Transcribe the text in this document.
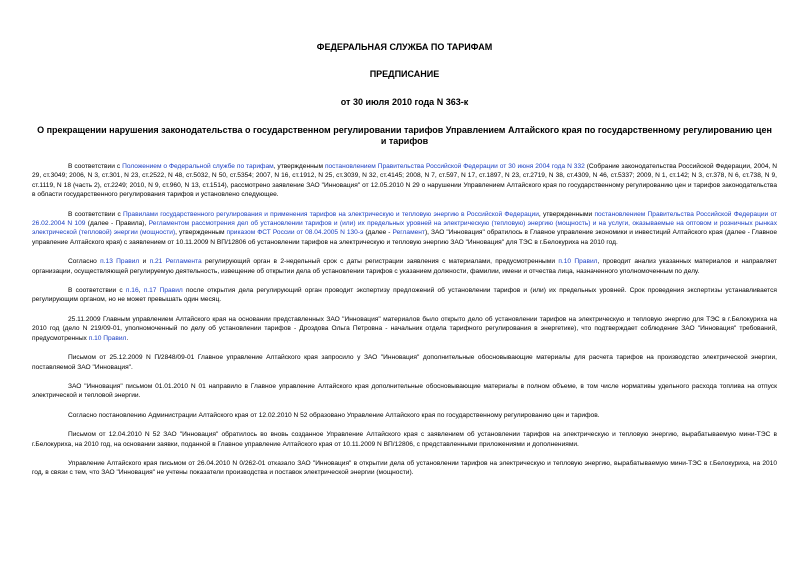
ФЕДЕРАЛЬНАЯ СЛУЖБА ПО ТАРИФАМ
ПРЕДПИСАНИЕ
от 30 июля 2010 года N 363-к
О прекращении нарушения законодательства о государственном регулировании тарифов Управлением Алтайского края по государственному регулированию цен и тарифов
В соответствии с Положением о Федеральной службе по тарифам, утвержденным постановлением Правительства Российской Федерации от 30 июня 2004 года N 332 (Собрание законодательства Российской Федерации, 2004, N 29, ст.3049; 2006, N 3, ст.301, N 23, ст.2522, N 48, ст.5032, N 50, ст.5354; 2007, N 16, ст.1912, N 25, ст.3039, N 32, ст.4145; 2008, N 7, ст.597, N 17, ст.1897, N 23, ст.2719, N 38, ст.4309, N 46, ст.5337; 2009, N 1, ст.142; N 3, ст.378, N 6, ст.738, N 9, ст.1119, N 18 (часть 2), ст.2249; 2010, N 9, ст.960, N 13, ст.1514), рассмотрено заявление ЗАО "Инновация" от 12.05.2010 N 29 о нарушении Управлением Алтайского края по государственному регулированию цен и тарифов законодательства в области государственного регулирования тарифов и установлено следующее.
В соответствии с Правилами государственного регулирования и применения тарифов на электрическую и тепловую энергию в Российской Федерации, утвержденными постановлением Правительства Российской Федерации от 26.02.2004 N 109 (далее - Правила), Регламентом рассмотрения дел об установлении тарифов и (или) их предельных уровней на электрическую (тепловую) энергию (мощность) и на услуги, оказываемые на оптовом и розничных рынках электрической (тепловой) энергии (мощности), утвержденным приказом ФСТ России от 08.04.2005 N 130-э (далее - Регламент), ЗАО "Инновация" обратилось в Главное управление экономики и инвестиций Алтайского края (далее - Главное управление Алтайского края) с заявлением от 10.11.2009 N ВП/12806 об установлении тарифов на электрическую и тепловую энергию ЗАО "Инновация" для ТЭС в г.Белокуриха на 2010 год.
Согласно п.13 Правил и п.21 Регламента регулирующий орган в 2-недельный срок с даты регистрации заявления с материалами, предусмотренными п.10 Правил, проводит анализ указанных материалов и направляет организации, осуществляющей регулируемую деятельность, извещение об открытии дела об установлении тарифов с указанием должности, фамилии, имени и отчества лица, назначенного уполномоченным по делу.
В соответствии с п.16, п.17 Правил после открытия дела регулирующий орган проводит экспертизу предложений об установлении тарифов и (или) их предельных уровней. Срок проведения экспертизы устанавливается регулирующим органом, но не может превышать один месяц.
25.11.2009 Главным управлением Алтайского края на основании представленных ЗАО "Инновация" материалов было открыто дело об установлении тарифов на электрическую и тепловую энергию для ТЭС в г.Белокуриха на 2010 год (дело N 219/09-01, уполномоченный по делу об установлении тарифов - Дроздова Ольга Петровна - начальник отдела тарифного регулирования в энергетике), что подтверждает соблюдение ЗАО "Инновация" требований, предусмотренных п.10 Правил.
Письмом от 25.12.2009 N П/2848/09-01 Главное управление Алтайского края запросило у ЗАО "Инновация" дополнительные обосновывающие материалы для расчета тарифов на производство электрической энергии, поставляемой ЗАО "Инновация".
ЗАО "Инновация" письмом 01.01.2010 N 01 направило в Главное управление Алтайского края дополнительные обосновывающие материалы в полном объеме, в том числе нормативы удельного расхода топлива на отпуск электрической и тепловой энергии.
Согласно постановлению Администрации Алтайского края от 12.02.2010 N 52 образовано Управление Алтайского края по государственному регулированию цен и тарифов.
Письмом от 12.04.2010 N 52 ЗАО "Инновация" обратилось во вновь созданное Управление Алтайского края с заявлением об установлении тарифов на электрическую и тепловую энергию, вырабатываемую мини-ТЭС в г.Белокуриха, на 2010 год, на основании заявки, поданной в Главное управление Алтайского края от 10.11.2009 N ВП/12806, с представленными приложениями и дополнениями.
Управление Алтайского края письмом от 26.04.2010 N 0/262-01 отказало ЗАО "Инновация" в открытии дела об установлении тарифов на электрическую и тепловую энергию, вырабатываемую мини-ТЭС в г.Белокуриха, на 2010 год, в связи с тем, что ЗАО "Инновация" не учтены показатели производства и поставок электрической энергии (мощности).
